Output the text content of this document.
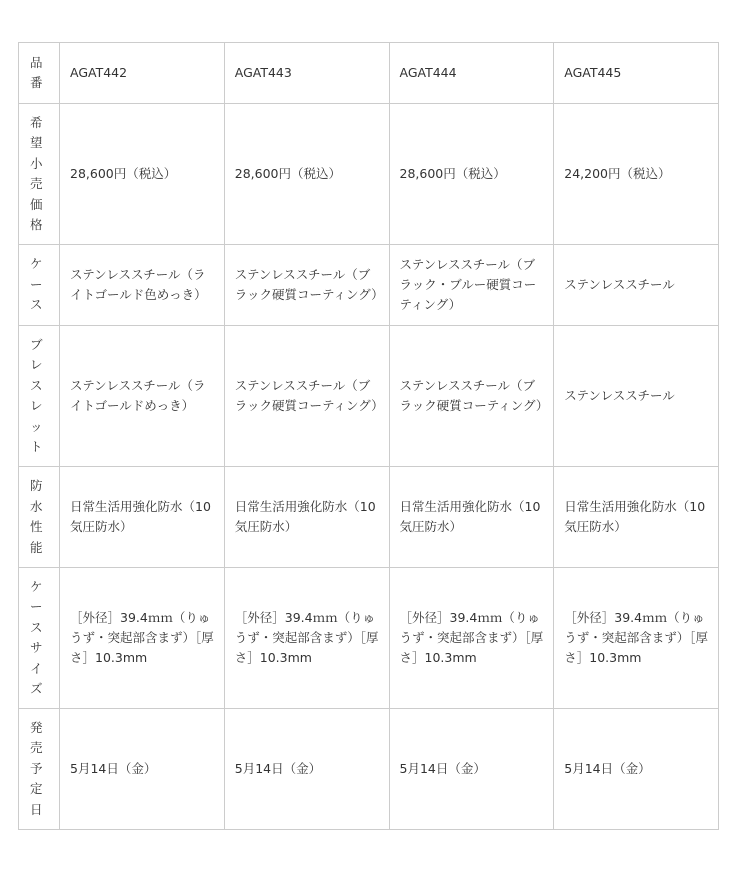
品番	AGAT442	AGAT443	AGAT444	AGAT445

希望小売価格	28,600円（税込）	28,600円（税込）	28,600円（税込）	24,200円（税込）

ケース	ステンレススチール（ライトゴールド色めっき）	ステンレススチール（ブラック硬質コーティング）	ステンレススチール（ブラック・ブルー硬質コーティング）	ステンレススチール

ブレスレット	ステンレススチール（ライトゴールドめっき）	ステンレススチール（ブラック硬質コーティング）	ステンレススチール（ブラック硬質コーティング）	ステンレススチール

防水性能	日常生活用強化防水（10気圧防水）	日常生活用強化防水（10気圧防水）	日常生活用強化防水（10気圧防水）	日常生活用強化防水（10気圧防水）

ケースサイズ	［外径］39.4ｍｍ（りゅうず・突起部含まず）［厚さ］10.3mm	［外径］39.4ｍｍ（りゅうず・突起部含まず）［厚さ］10.3mm	［外径］39.4ｍｍ（りゅうず・突起部含まず）［厚さ］10.3mm	［外径］39.4ｍｍ（りゅうず・突起部含まず）［厚さ］10.3mm

発売予定日	5月14日（金）	5月14日（金）	5月14日（金）	5月14日（金）
